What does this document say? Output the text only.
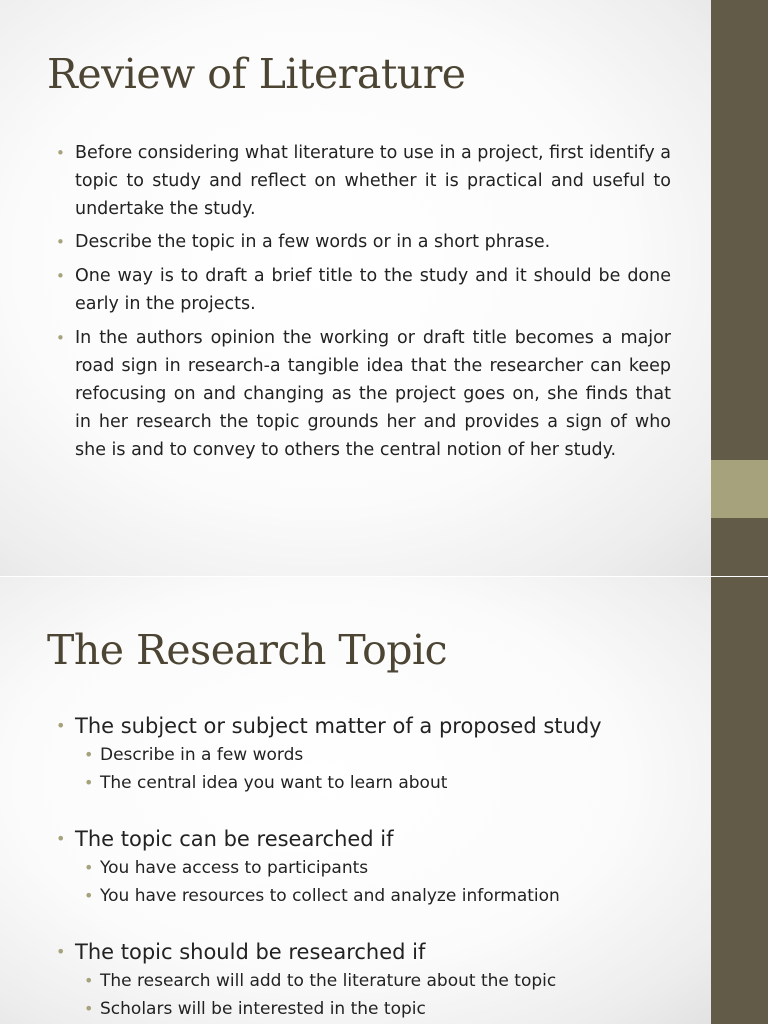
Review of Literature
• Before considering what literature to use in a project, first identify a topic to study and reflect on whether it is practical and useful to undertake the study.
• Describe the topic in a few words or in a short phrase.
• One way is to draft a brief title to the study and it should be done early in the projects.
• In the authors opinion the working or draft title becomes a major road sign in research-a tangible idea that the researcher can keep refocusing on and changing as the project goes on, she finds that in her research the topic grounds her and provides a sign of who she is and to convey to others the central notion of her study.
The Research Topic
• The subject or subject matter of a proposed study
• Describe in a few words
• The central idea you want to learn about
• The topic can be researched if
• You have access to participants
• You have resources to collect and analyze information
• The topic should be researched if
• The research will add to the literature about the topic
• Scholars will be interested in the topic
